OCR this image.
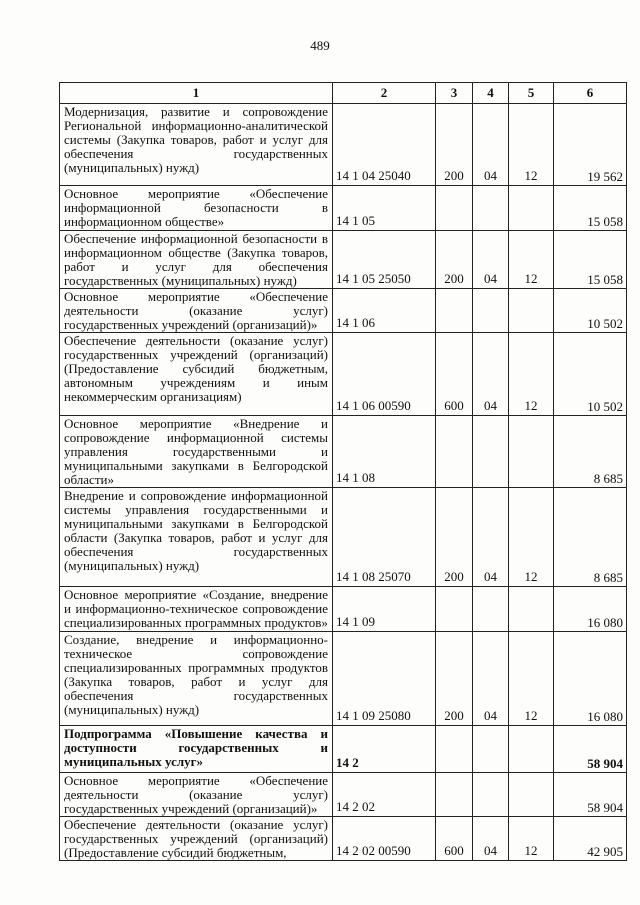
489
1	2	3	4	5	6
Модернизация, развитие и сопровождение Региональной информационно-аналитической системы (Закупка товаров, работ и услуг для обеспечения государственных (муниципальных) нужд)	14 1 04 25040	200	04	12	19 562
Основное мероприятие «Обеспечение информационной безопасности в информационном обществе»	14 1 05				15 058
Обеспечение информационной безопасности в информационном обществе (Закупка товаров, работ и услуг для обеспечения государственных (муниципальных) нужд)	14 1 05 25050	200	04	12	15 058
Основное мероприятие «Обеспечение деятельности (оказание услуг) государственных учреждений (организаций)»	14 1 06				10 502
Обеспечение деятельности (оказание услуг) государственных учреждений (организаций) (Предоставление субсидий бюджетным, автономным учреждениям и иным некоммерческим организациям)	14 1 06 00590	600	04	12	10 502
Основное мероприятие «Внедрение и сопровождение информационной системы управления государственными и муниципальными закупками в Белгородской области»	14 1 08				8 685
Внедрение и сопровождение информационной системы управления государственными и муниципальными закупками в Белгородской области (Закупка товаров, работ и услуг для обеспечения государственных (муниципальных) нужд)	14 1 08 25070	200	04	12	8 685
Основное мероприятие «Создание, внедрение и информационно-техническое сопровождение специализированных программных продуктов»	14 1 09				16 080
Создание, внедрение и информационно-техническое сопровождение специализированных программных продуктов (Закупка товаров, работ и услуг для обеспечения государственных (муниципальных) нужд)	14 1 09 25080	200	04	12	16 080
Подпрограмма «Повышение качества и доступности государственных и муниципальных услуг»	14 2				58 904
Основное мероприятие «Обеспечение деятельности (оказание услуг) государственных учреждений (организаций)»	14 2 02				58 904
Обеспечение деятельности (оказание услуг) государственных учреждений (организаций) (Предоставление субсидий бюджетным,	14 2 02 00590	600	04	12	42 905
